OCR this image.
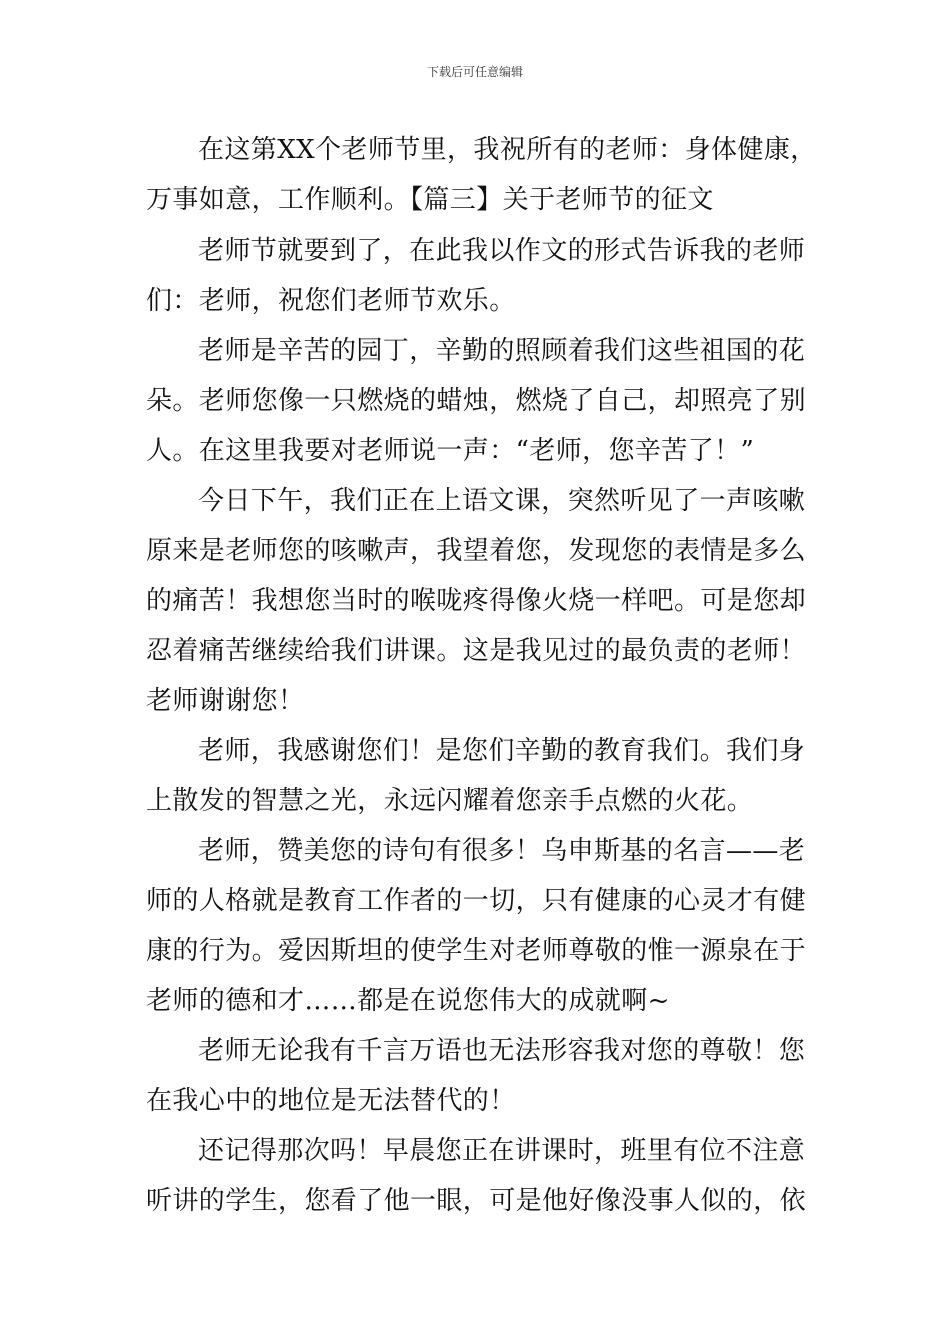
下载后可任意编辑
在这第XX个老师节里，我祝所有的老师：身体健康，
万事如意，工作顺利。【篇三】关于老师节的征文
老师节就要到了，在此我以作文的形式告诉我的老师
们：老师，祝您们老师节欢乐。
老师是辛苦的园丁，辛勤的照顾着我们这些祖国的花
朵。老师您像一只燃烧的蜡烛，燃烧了自己，却照亮了别
人。在这里我要对老师说一声：“老师，您辛苦了！”
今日下午，我们正在上语文课，突然听见了一声咳嗽
原来是老师您的咳嗽声，我望着您，发现您的表情是多么
的痛苦！我想您当时的喉咙疼得像火烧一样吧。可是您却
忍着痛苦继续给我们讲课。这是我见过的最负责的老师！
老师谢谢您！
老师，我感谢您们！是您们辛勤的教育我们。我们身
上散发的智慧之光，永远闪耀着您亲手点燃的火花。
老师，赞美您的诗句有很多！乌申斯基的名言——老
师的人格就是教育工作者的一切，只有健康的心灵才有健
康的行为。爱因斯坦的使学生对老师尊敬的惟一源泉在于
老师的德和才……都是在说您伟大的成就啊~
老师无论我有千言万语也无法形容我对您的尊敬！您
在我心中的地位是无法替代的！
还记得那次吗！早晨您正在讲课时，班里有位不注意
听讲的学生，您看了他一眼，可是他好像没事人似的，依
